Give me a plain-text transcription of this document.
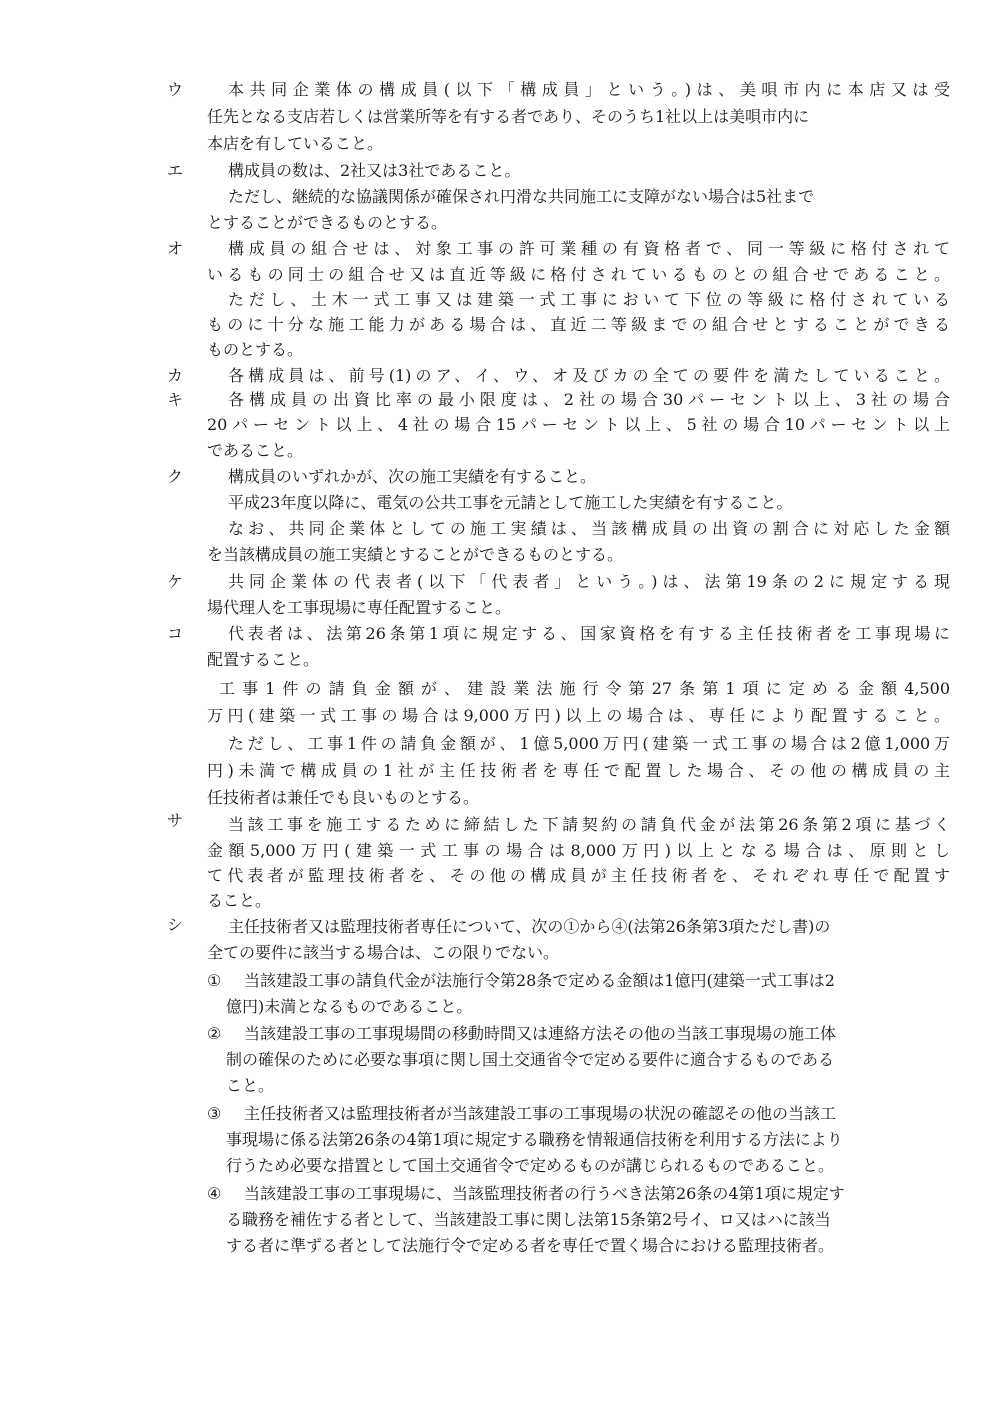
ウ	本共同企業体の構成員(以下「構成員」という。)は、美唄市内に本店又は受
任先となる支店若しくは営業所等を有する者であり、そのうち1社以上は美唄市内に
本店を有していること。
エ	構成員の数は、2社又は3社であること。
ただし、継続的な協議関係が確保され円滑な共同施工に支障がない場合は5社まで
とすることができるものとする。
オ	構成員の組合せは、対象工事の許可業種の有資格者で、同一等級に格付されて
いるもの同士の組合せ又は直近等級に格付されているものとの組合せであること。
ただし、土木一式工事又は建築一式工事において下位の等級に格付されている
ものに十分な施工能力がある場合は、直近二等級までの組合せとすることができる
ものとする。
カ	各構成員は、前号(1)のア、イ、ウ、オ及びカの全ての要件を満たしていること。
キ	各構成員の出資比率の最小限度は、2社の場合30パーセント以上、3社の場合
20パーセント以上、4社の場合15パーセント以上、5社の場合10パーセント以上
であること。
ク	構成員のいずれかが、次の施工実績を有すること。
平成23年度以降に、電気の公共工事を元請として施工した実績を有すること。
なお、共同企業体としての施工実績は、当該構成員の出資の割合に対応した金額
を当該構成員の施工実績とすることができるものとする。
ケ	共同企業体の代表者(以下「代表者」という。)は、法第19条の2に規定する現
場代理人を工事現場に専任配置すること。
コ	代表者は、法第26条第1項に規定する、国家資格を有する主任技術者を工事現場に
配置すること。
工事1件の請負金額が、建設業法施行令第27条第1項に定める金額4,500
万円(建築一式工事の場合は9,000万円)以上の場合は、専任により配置すること。
ただし、工事1件の請負金額が、1億5,000万円(建築一式工事の場合は2億1,000万
円)未満で構成員の1社が主任技術者を専任で配置した場合、その他の構成員の主
任技術者は兼任でも良いものとする。
サ	当該工事を施工するために締結した下請契約の請負代金が法第26条第2項に基づく
金額5,000万円(建築一式工事の場合は8,000万円)以上となる場合は、原則とし
て代表者が監理技術者を、その他の構成員が主任技術者を、それぞれ専任で配置す
ること。
シ	主任技術者又は監理技術者専任について、次の①から④(法第26条第3項ただし書)の
全ての要件に該当する場合は、この限りでない。
① 当該建設工事の請負代金が法施行令第28条で定める金額は1億円(建築一式工事は2
億円)未満となるものであること。
② 当該建設工事の工事現場間の移動時間又は連絡方法その他の当該工事現場の施工体
制の確保のために必要な事項に関し国土交通省令で定める要件に適合するものである
こと。
③ 主任技術者又は監理技術者が当該建設工事の工事現場の状況の確認その他の当該工
事現場に係る法第26条の4第1項に規定する職務を情報通信技術を利用する方法により
行うため必要な措置として国土交通省令で定めるものが講じられるものであること。
④ 当該建設工事の工事現場に、当該監理技術者の行うべき法第26条の4第1項に規定す
る職務を補佐する者として、当該建設工事に関し法第15条第2号イ、ロ又はハに該当
する者に準ずる者として法施行令で定める者を専任で置く場合における監理技術者。
